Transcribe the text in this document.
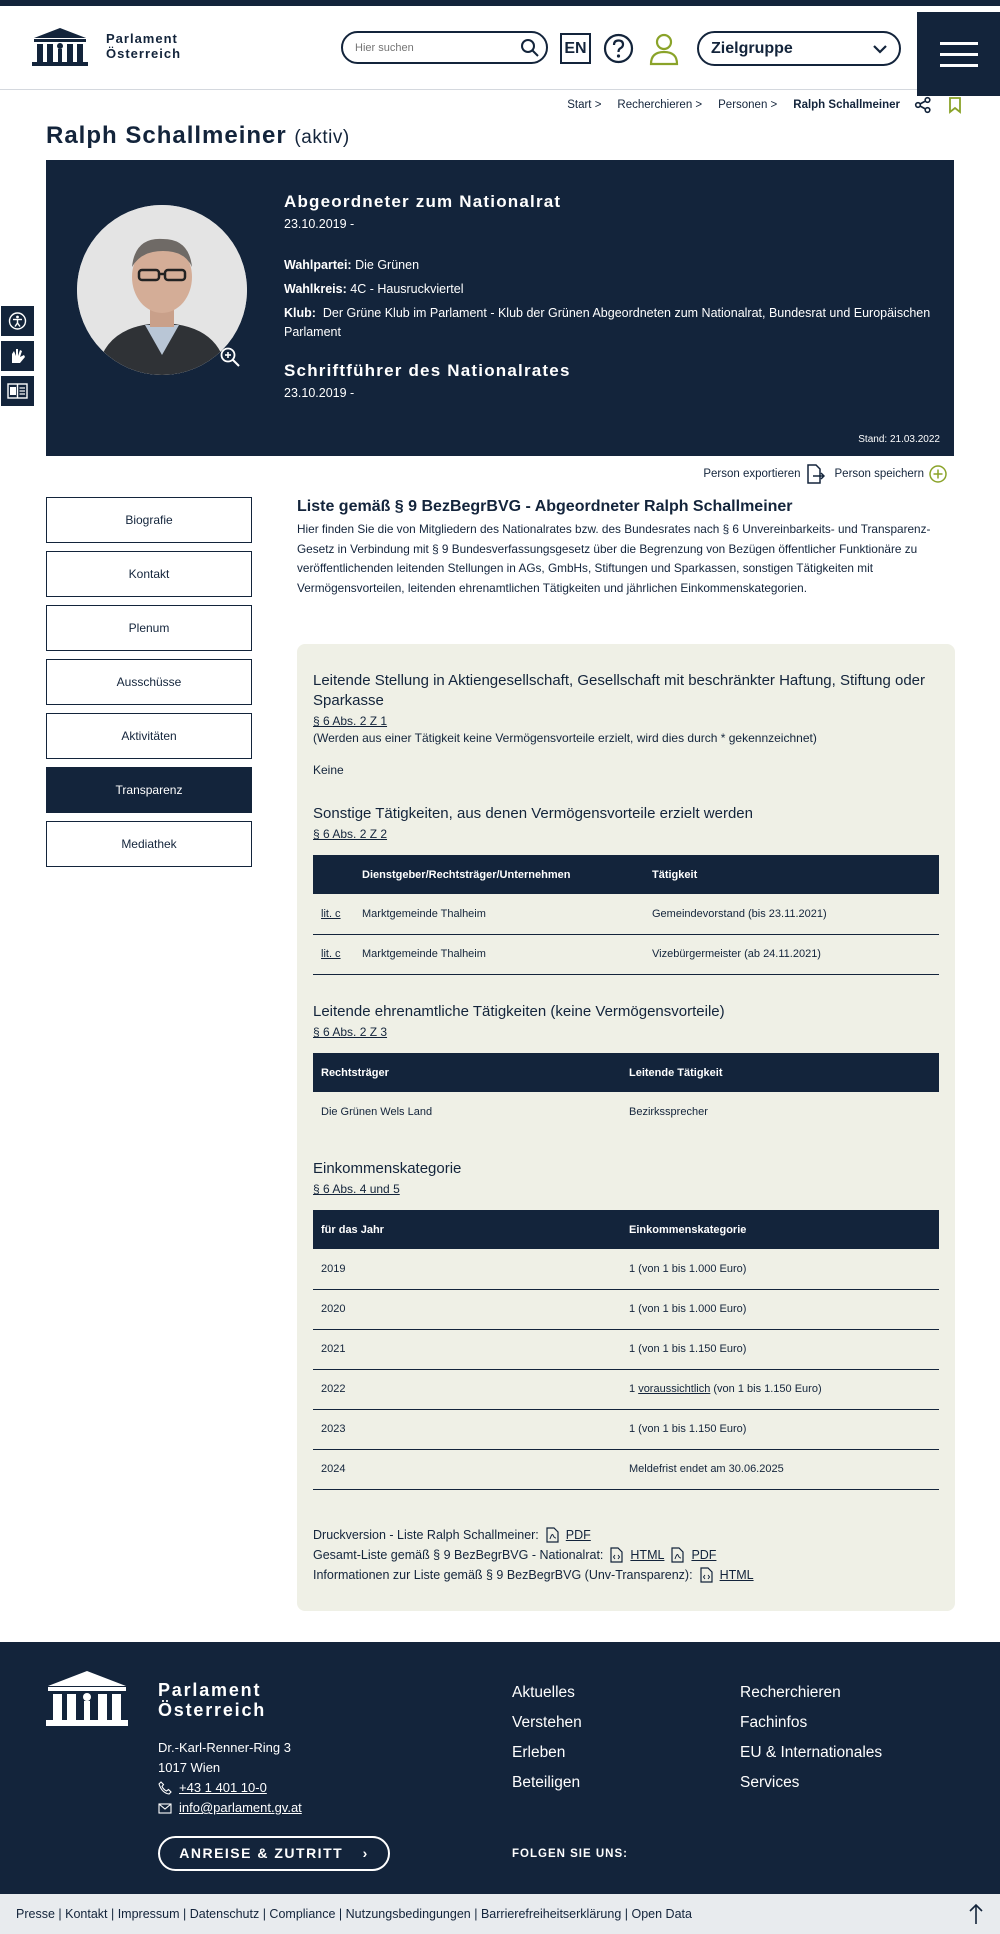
Parlament
Österreich
Hier suchen	EN	Zielgruppe
Start > Recherchieren > Personen > Ralph Schallmeiner
Ralph Schallmeiner (aktiv)
Abgeordneter zum Nationalrat
23.10.2019 -
Wahlpartei: Die Grünen
Wahlkreis: 4C - Hausruckviertel
Klub: Der Grüne Klub im Parlament - Klub der Grünen Abgeordneten zum Nationalrat, Bundesrat und Europäischen Parlament
Schriftführer des Nationalrates
23.10.2019 -
Stand: 21.03.2022
Person exportieren	Person speichern
Biografie
Kontakt
Plenum
Ausschüsse
Aktivitäten
Transparenz
Mediathek
Liste gemäß § 9 BezBegrBVG - Abgeordneter Ralph Schallmeiner

Hier finden Sie die von Mitgliedern des Nationalrates bzw. des Bundesrates nach § 6 Unvereinbarkeits- und Transparenz-Gesetz in Verbindung mit § 9 Bundesverfassungsgesetz über die Begrenzung von Bezügen öffentlicher Funktionäre zu veröffentlichenden leitenden Stellungen in AGs, GmbHs, Stiftungen und Sparkassen, sonstigen Tätigkeiten mit Vermögensvorteilen, leitenden ehrenamtlichen Tätigkeiten und jährlichen Einkommenskategorien.

Leitende Stellung in Aktiengesellschaft, Gesellschaft mit beschränkter Haftung, Stiftung oder Sparkasse
§ 6 Abs. 2 Z 1
(Werden aus einer Tätigkeit keine Vermögensvorteile erzielt, wird dies durch * gekennzeichnet)
Keine
Sonstige Tätigkeiten, aus denen Vermögensvorteile erzielt werden
§ 6 Abs. 2 Z 2
	Dienstgeber/Rechtsträger/Unternehmen	Tätigkeit
lit. c	Marktgemeinde Thalheim	Gemeindevorstand (bis 23.11.2021)
lit. c	Marktgemeinde Thalheim	Vizebürgermeister (ab 24.11.2021)
Leitende ehrenamtliche Tätigkeiten (keine Vermögensvorteile)
§ 6 Abs. 2 Z 3
Rechtsträger	Leitende Tätigkeit
Die Grünen Wels Land	Bezirkssprecher
Einkommenskategorie
§ 6 Abs. 4 und 5
für das Jahr	Einkommenskategorie
2019	1 (von 1 bis 1.000 Euro)
2020	1 (von 1 bis 1.000 Euro)
2021	1 (von 1 bis 1.150 Euro)
2022	1 voraussichtlich (von 1 bis 1.150 Euro)
2023	1 (von 1 bis 1.150 Euro)
2024	Meldefrist endet am 30.06.2025
Druckversion - Liste Ralph Schallmeiner: PDF
Gesamt-Liste gemäß § 9 BezBegrBVG - Nationalrat: HTML PDF
Informationen zur Liste gemäß § 9 BezBegrBVG (Unv-Transparenz): HTML
Parlament
Österreich
Dr.-Karl-Renner-Ring 3
1017 Wien
+43 1 401 10-0
info@parlament.gv.at
ANREISE & ZUTRITT ›
Aktuelles
Verstehen
Erleben
Beteiligen
Recherchieren
Fachinfos
EU & Internationales
Services
FOLGEN SIE UNS:
Presse | Kontakt | Impressum | Datenschutz | Compliance | Nutzungsbedingungen | Barrierefreiheitserklärung | Open Data
